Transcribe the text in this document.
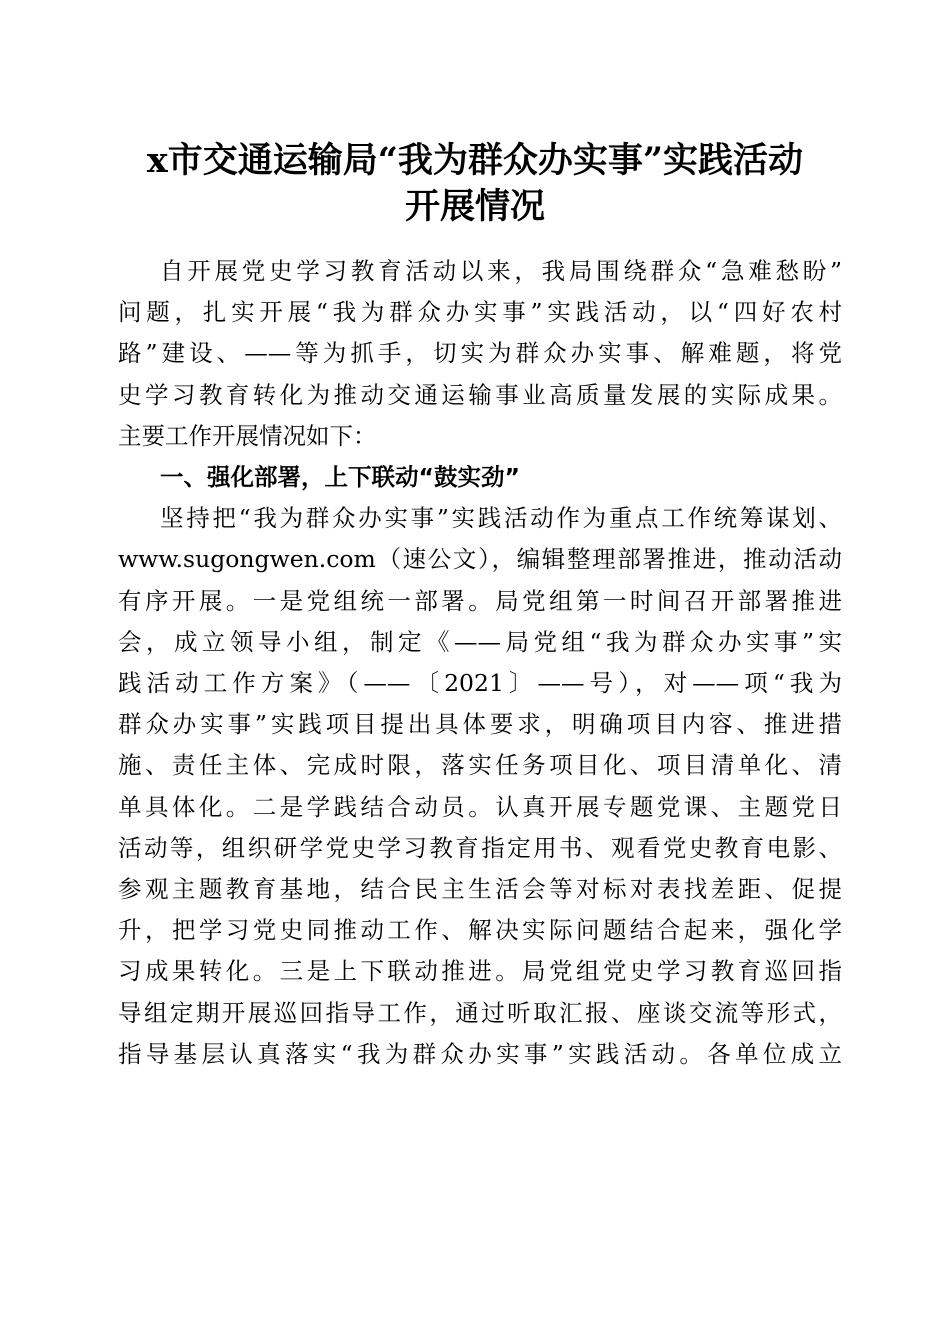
x市交通运输局“我为群众办实事”实践活动
开展情况
自开展党史学习教育活动以来，我局围绕群众“急难愁盼”
问题，扎实开展“我为群众办实事”实践活动，以“四好农村
路”建设、——等为抓手，切实为群众办实事、解难题，将党
史学习教育转化为推动交通运输事业高质量发展的实际成果。
主要工作开展情况如下：
一、强化部署，上下联动“鼓实劲”
坚持把“我为群众办实事”实践活动作为重点工作统筹谋划、
www.sugongwen.com（速公文），编辑整理部署推进，推动活动
有序开展。一是党组统一部署。局党组第一时间召开部署推进
会，成立领导小组，制定《——局党组“我为群众办实事”实
践活动工作方案》（——〔2021〕——号），对——项“我为
群众办实事”实践项目提出具体要求，明确项目内容、推进措
施、责任主体、完成时限，落实任务项目化、项目清单化、清
单具体化。二是学践结合动员。认真开展专题党课、主题党日
活动等，组织研学党史学习教育指定用书、观看党史教育电影、
参观主题教育基地，结合民主生活会等对标对表找差距、促提
升，把学习党史同推动工作、解决实际问题结合起来，强化学
习成果转化。三是上下联动推进。局党组党史学习教育巡回指
导组定期开展巡回指导工作，通过听取汇报、座谈交流等形式，
指导基层认真落实“我为群众办实事”实践活动。各单位成立
